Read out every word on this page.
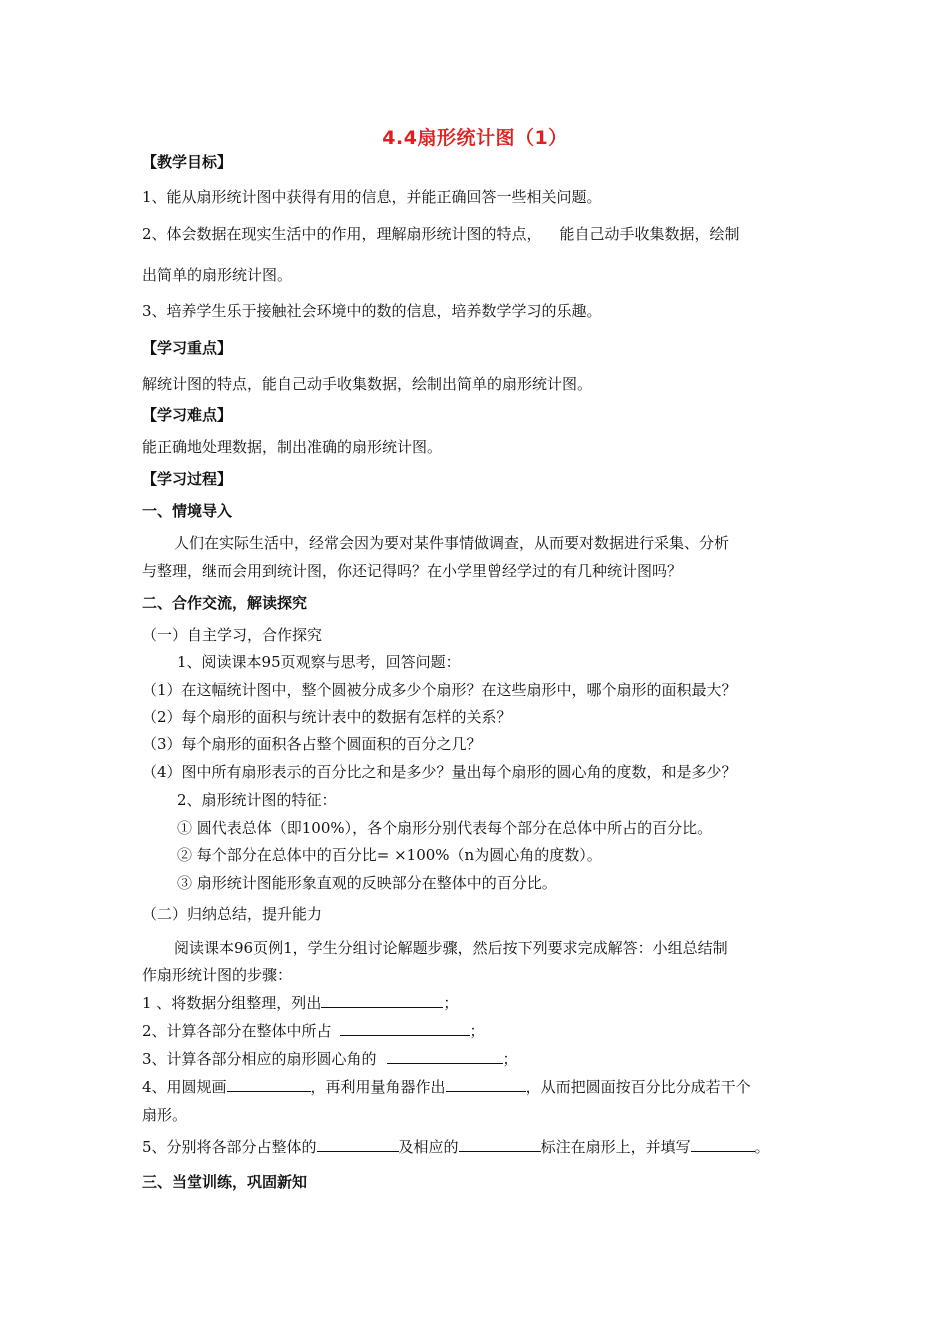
4.4扇形统计图（1）
【教学目标】
1、能从扇形统计图中获得有用的信息，并能正确回答一些相关问题。
2、体会数据在现实生活中的作用，理解扇形统计图的特点， 能自己动手收集数据，绘制
出简单的扇形统计图。
3、培养学生乐于接触社会环境中的数的信息，培养数学学习的乐趣。
【学习重点】
解统计图的特点，能自己动手收集数据，绘制出简单的扇形统计图。
【学习难点】
能正确地处理数据，制出准确的扇形统计图。
【学习过程】
一、情境导入
人们在实际生活中，经常会因为要对某件事情做调查，从而要对数据进行采集、分析
与整理，继而会用到统计图，你还记得吗？在小学里曾经学过的有几种统计图吗？
二、合作交流，解读探究
（一）自主学习，合作探究
1、阅读课本95页观察与思考，回答问题：
（1）在这幅统计图中，整个圆被分成多少个扇形？在这些扇形中，哪个扇形的面积最大？
（2）每个扇形的面积与统计表中的数据有怎样的关系？
（3）每个扇形的面积各占整个圆面积的百分之几？
（4）图中所有扇形表示的百分比之和是多少？量出每个扇形的圆心角的度数，和是多少？
2、扇形统计图的特征：
① 圆代表总体（即100%），各个扇形分别代表每个部分在总体中所占的百分比。
② 每个部分在总体中的百分比= ×100%（n为圆心角的度数）。
③ 扇形统计图能形象直观的反映部分在整体中的百分比。
（二）归纳总结，提升能力
阅读课本96页例1，学生分组讨论解题步骤，然后按下列要求完成解答：小组总结制
作扇形统计图的步骤：
1 、将数据分组整理，列出	；
2、计算各部分在整体中所占	；
3、计算各部分相应的扇形圆心角的	；
4、用圆规画	，再利用量角器作出	，从而把圆面按百分比分成若干个
扇形。
5、分别将各部分占整体的	及相应的	标注在扇形上，并填写	。
三、当堂训练，巩固新知
